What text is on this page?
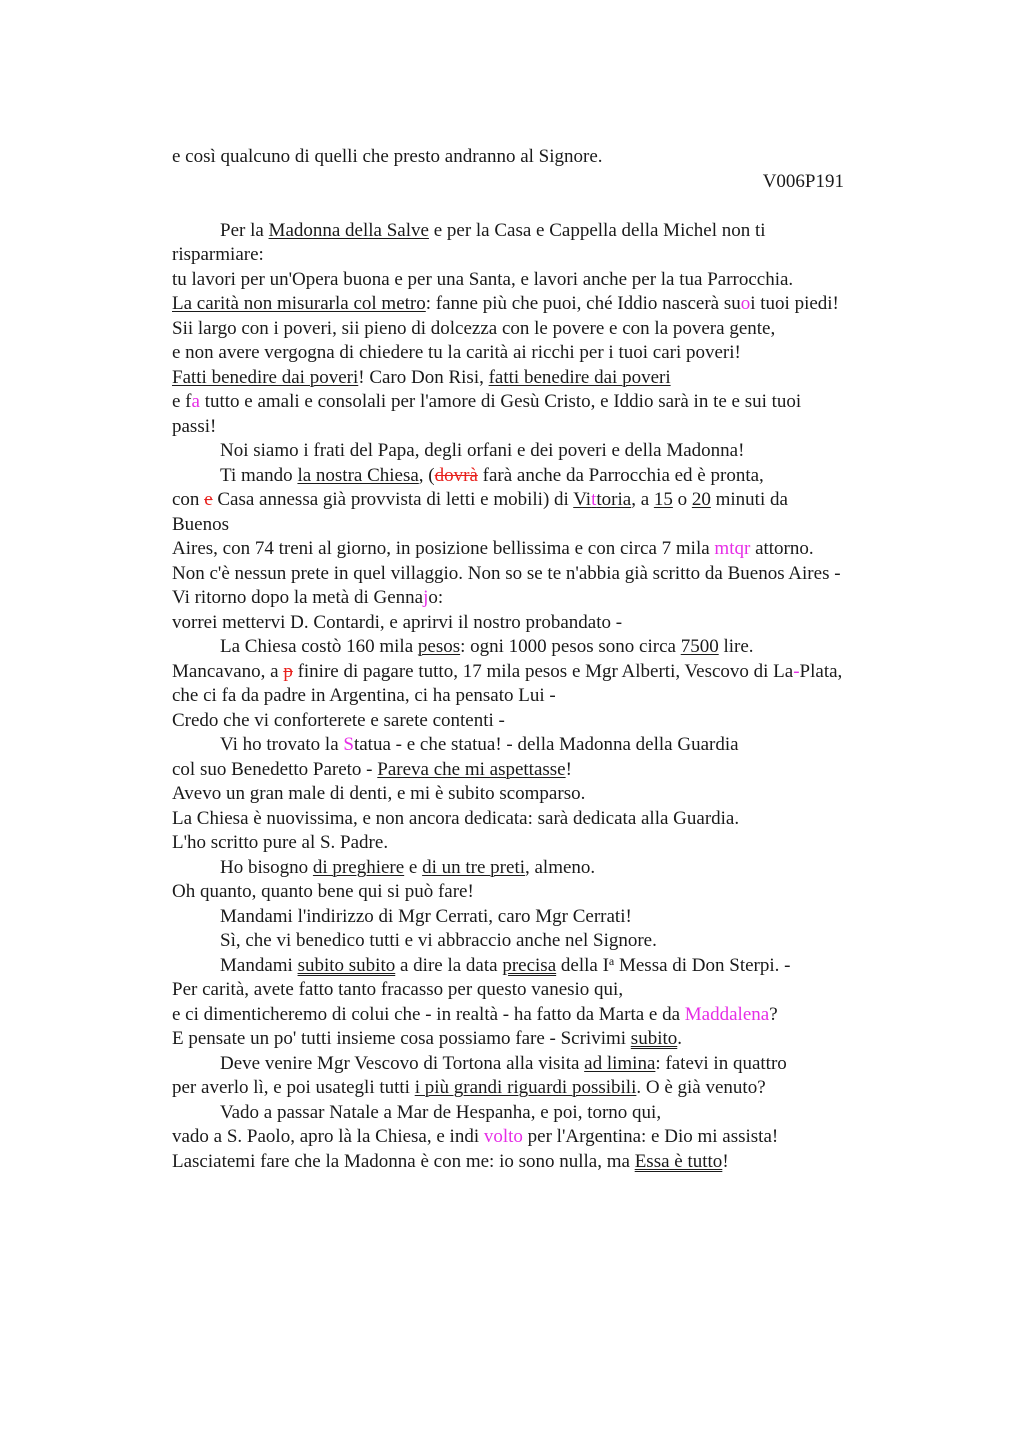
e così qualcuno di quelli che presto andranno al Signore.
V006P191
Per la Madonna della Salve e per la Casa e Cappella della Michel non ti
risparmiare:
tu lavori per un'Opera buona e per una Santa, e lavori anche per la tua Parrocchia.
La carità non misurarla col metro: fanne più che puoi, ché Iddio nascerà suoi tuoi piedi!
Sii largo con i poveri, sii pieno di dolcezza con le povere e con la povera gente,
e non avere vergogna di chiedere tu la carità ai ricchi per i tuoi cari poveri!
Fatti benedire dai poveri! Caro Don Risi, fatti benedire dai poveri
e fa tutto e amali e consolali per l'amore di Gesù Cristo, e Iddio sarà in te e sui tuoi
passi!
Noi siamo i frati del Papa, degli orfani e dei poveri e della Madonna!
Ti mando la nostra Chiesa, (dovrà farà anche da Parrocchia ed è pronta,
con e Casa annessa già provvista di letti e mobili) di Vittoria, a 15 o 20 minuti da
Buenos
Aires, con 74 treni al giorno, in posizione bellissima e con circa 7 mila mtqr attorno.
Non c'è nessun prete in quel villaggio. Non so se te n'abbia già scritto da Buenos Aires -
Vi ritorno dopo la metà di Gennajo:
vorrei mettervi D. Contardi, e aprirvi il nostro probandato -
La Chiesa costò 160 mila pesos: ogni 1000 pesos sono circa 7500 lire.
Mancavano, a p finire di pagare tutto, 17 mila pesos e Mgr Alberti, Vescovo di La-Plata,
che ci fa da padre in Argentina, ci ha pensato Lui -
Credo che vi conforterete e sarete contenti -
Vi ho trovato la Statua - e che statua! - della Madonna della Guardia
col suo Benedetto Pareto - Pareva che mi aspettasse!
Avevo un gran male di denti, e mi è subito scomparso.
La Chiesa è nuovissima, e non ancora dedicata: sarà dedicata alla Guardia.
L'ho scritto pure al S. Padre.
Ho bisogno di preghiere e di un tre preti, almeno.
Oh quanto, quanto bene qui si può fare!
Mandami l'indirizzo di Mgr Cerrati, caro Mgr Cerrati!
Sì, che vi benedico tutti e vi abbraccio anche nel Signore.
Mandami subito subito a dire la data precisa della $I^a$ Messa di Don Sterpi. -
Per carità, avete fatto tanto fracasso per questo vanesio qui,
e ci dimenticheremo di colui che - in realtà - ha fatto da Marta e da Maddalena?
E pensate un po' tutti insieme cosa possiamo fare - Scrivimi subito.
Deve venire Mgr Vescovo di Tortona alla visita ad limina: fatevi in quattro
per averlo lì, e poi usategli tutti i più grandi riguardi possibili. O è già venuto?
Vado a passar Natale a Mar de Hespanha, e poi, torno qui,
vado a S. Paolo, apro là la Chiesa, e indi volto per l'Argentina: e Dio mi assista!
Lasciatemi fare che la Madonna è con me: io sono nulla, ma Essa è tutto!
